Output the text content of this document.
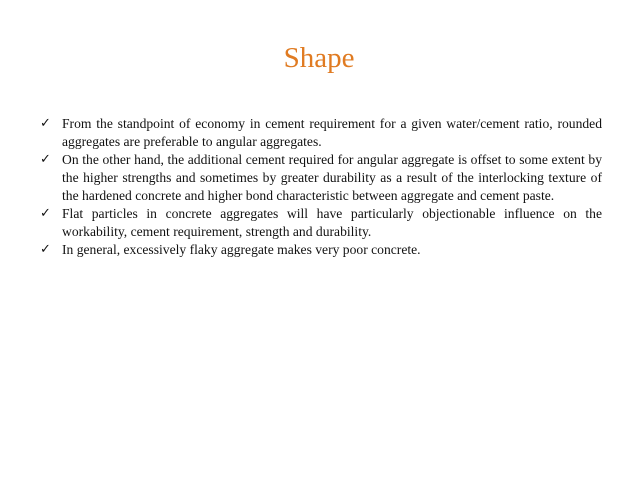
Shape
✓ From the standpoint of economy in cement requirement for a given water/cement ratio, rounded aggregates are preferable to angular aggregates.
✓ On the other hand, the additional cement required for angular aggregate is offset to some extent by the higher strengths and sometimes by greater durability as a result of the interlocking texture of the hardened concrete and higher bond characteristic between aggregate and cement paste.
✓ Flat particles in concrete aggregates will have particularly objectionable influence on the workability, cement requirement, strength and durability.
✓ In general, excessively flaky aggregate makes very poor concrete.
